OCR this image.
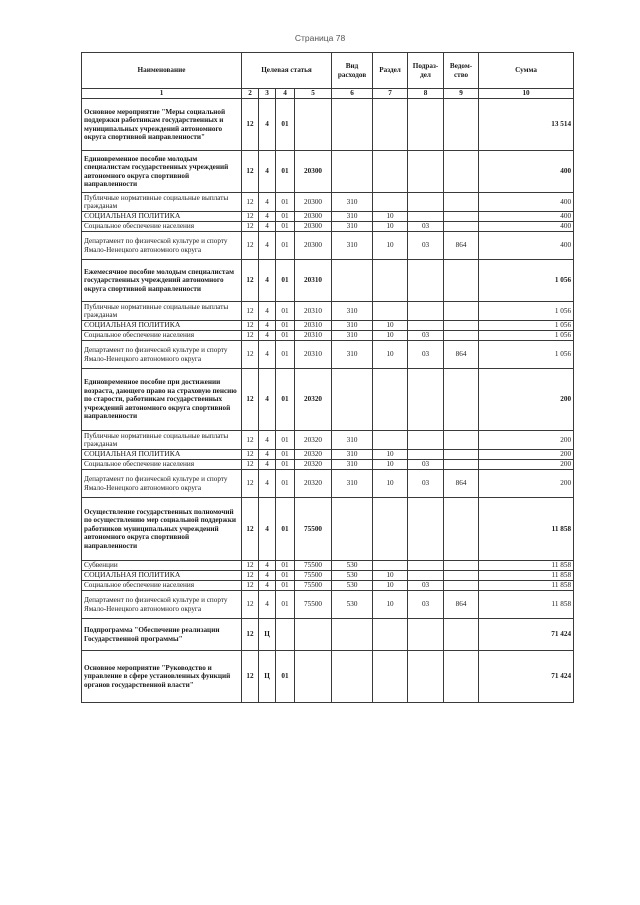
Страница 78
Наименование	Целевая статья				Вид расходов	Раздел	Подраз-дел	Ведом-ство	Сумма
1	2	3	4	5	6	7	8	9	10
Основное мероприятие "Меры социальной поддержки работникам государственных и муниципальных учреждений автономного округа спортивной направленности"	12	4	01						13 514
Единовременное пособие молодым специалистам государственных учреждений автономного округа спортивной направленности	12	4	01	20300					400
Публичные нормативные социальные выплаты гражданам	12	4	01	20300	310				400
СОЦИАЛЬНАЯ ПОЛИТИКА	12	4	01	20300	310	10			400
Социальное обеспечение населения	12	4	01	20300	310	10	03		400
Департамент по физической культуре и спорту Ямало-Ненецкого автономного округа	12	4	01	20300	310	10	03	864	400
Ежемесячное пособие молодым специалистам государственных учреждений автономного округа спортивной направленности	12	4	01	20310					1 056
Публичные нормативные социальные выплаты гражданам	12	4	01	20310	310				1 056
СОЦИАЛЬНАЯ ПОЛИТИКА	12	4	01	20310	310	10			1 056
Социальное обеспечение населения	12	4	01	20310	310	10	03		1 056
Департамент по физической культуре и спорту Ямало-Ненецкого автономного округа	12	4	01	20310	310	10	03	864	1 056
Единовременное пособие при достижении возраста, дающего право на страховую пенсию по старости, работникам государственных учреждений автономного округа спортивной направленности	12	4	01	20320					200
Публичные нормативные социальные выплаты гражданам	12	4	01	20320	310				200
СОЦИАЛЬНАЯ ПОЛИТИКА	12	4	01	20320	310	10			200
Социальное обеспечение населения	12	4	01	20320	310	10	03		200
Департамент по физической культуре и спорту Ямало-Ненецкого автономного округа	12	4	01	20320	310	10	03	864	200
Осуществление государственных полномочий по осуществлению мер социальной поддержки работников муниципальных учреждений автономного округа спортивной направленности	12	4	01	75500					11 858
Субвенции	12	4	01	75500	530				11 858
СОЦИАЛЬНАЯ ПОЛИТИКА	12	4	01	75500	530	10			11 858
Социальное обеспечение населения	12	4	01	75500	530	10	03		11 858
Департамент по физической культуре и спорту Ямало-Ненецкого автономного округа	12	4	01	75500	530	10	03	864	11 858
Подпрограмма "Обеспечение реализации Государственной программы"	12	Ц							71 424
Основное мероприятие "Руководство и управление в сфере установленных функций органов государственной власти"	12	Ц	01						71 424
